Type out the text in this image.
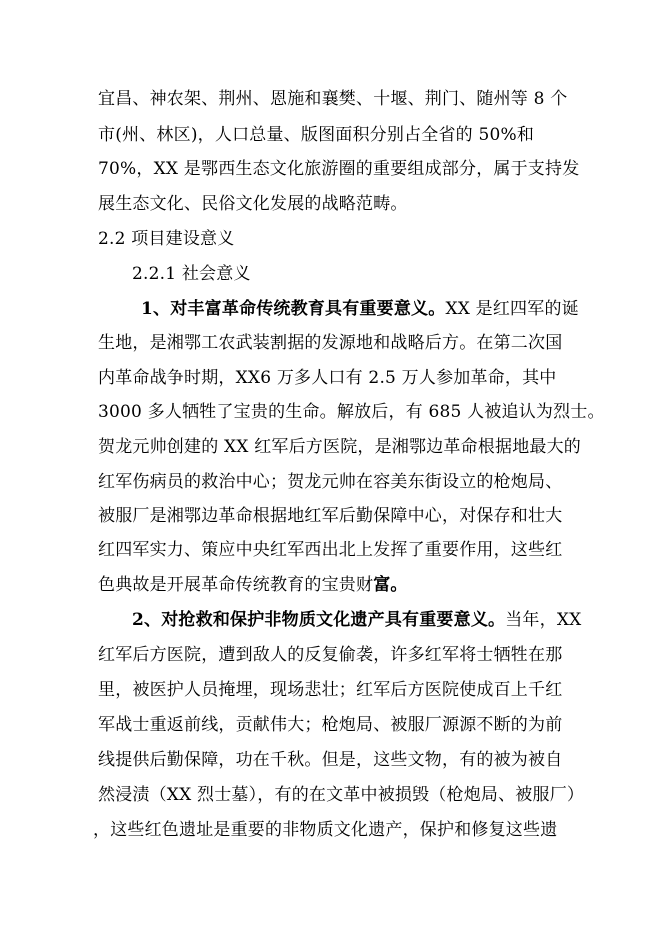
宜昌、神农架、荆州、恩施和襄樊、十堰、荆门、随州等 8 个
市(州、林区)，人口总量、版图面积分别占全省的 50%和
70%，XX 是鄂西生态文化旅游圈的重要组成部分，属于支持发
展生态文化、民俗文化发展的战略范畴。
2.2 项目建设意义
2.2.1 社会意义
1、对丰富革命传统教育具有重要意义。XX 是红四军的诞
生地，是湘鄂工农武装割据的发源地和战略后方。在第二次国
内革命战争时期，XX6 万多人口有 2.5 万人参加革命，其中
3000 多人牺牲了宝贵的生命。解放后，有 685 人被追认为烈士。
贺龙元帅创建的 XX 红军后方医院，是湘鄂边革命根据地最大的
红军伤病员的救治中心；贺龙元帅在容美东街设立的枪炮局、
被服厂是湘鄂边革命根据地红军后勤保障中心，对保存和壮大
红四军实力、策应中央红军西出北上发挥了重要作用，这些红
色典故是开展革命传统教育的宝贵财富。
2、对抢救和保护非物质文化遗产具有重要意义。当年，XX
红军后方医院，遭到敌人的反复偷袭，许多红军将士牺牲在那
里，被医护人员掩埋，现场悲壮；红军后方医院使成百上千红
军战士重返前线，贡献伟大；枪炮局、被服厂源源不断的为前
线提供后勤保障，功在千秋。但是，这些文物，有的被为被自
然浸渍（XX 烈士墓），有的在文革中被损毁（枪炮局、被服厂）
，这些红色遗址是重要的非物质文化遗产，保护和修复这些遗
